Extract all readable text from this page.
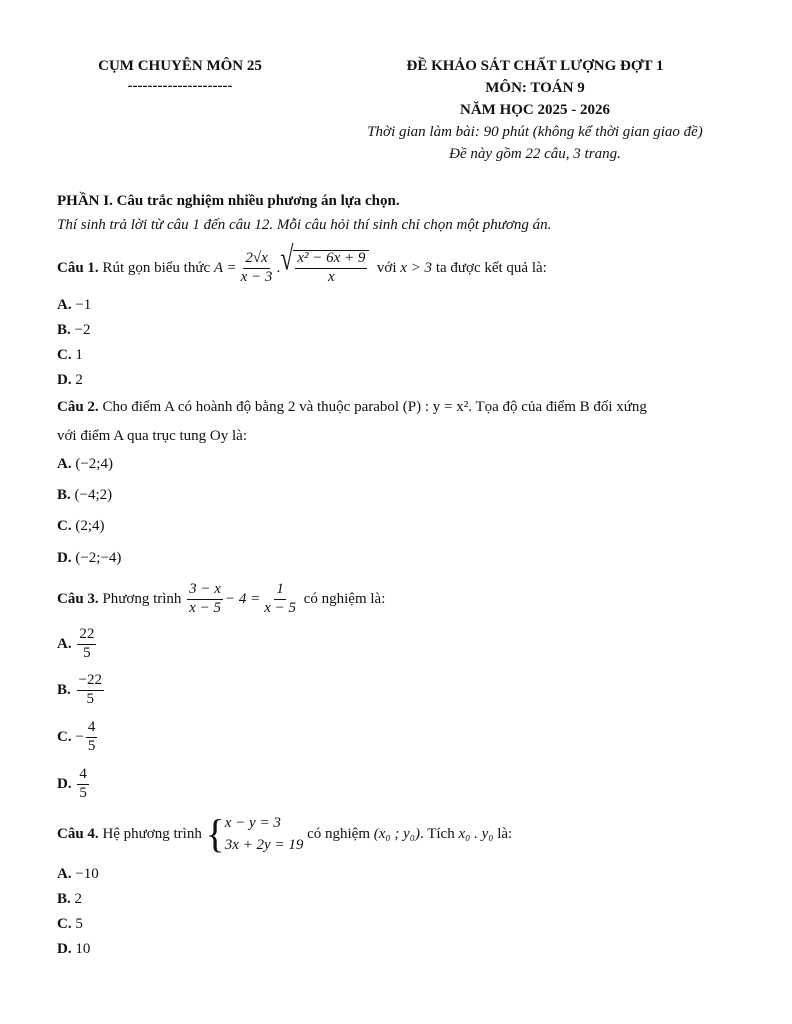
CỤM CHUYÊN MÔN 25
---------------------
ĐỀ KHẢO SÁT CHẤT LƯỢNG ĐỢT 1
MÔN: TOÁN 9
NĂM HỌC 2025 - 2026
Thời gian làm bài: 90 phút (không kể thời gian giao đề)
Đề này gồm 22 câu, 3 trang.
PHẦN I. Câu trắc nghiệm nhiều phương án lựa chọn.
Thí sinh trả lời từ câu 1 đến câu 12. Mỗi câu hỏi thí sinh chỉ chọn một phương án.
Câu 1.
Rút gọn biểu thức
$A = \frac{2√x}{x - 3}$ . √ $\frac{\text{x² − 6x + 9}}{x}$
với
x > 3
ta được kết quả là:
A. −1
B. −2
C. 1
D. 2
Câu 2. Cho điểm A có hoành độ bằng 2 và thuộc parabol (P) : y = x². Tọa độ của điểm B đối xứng
với điểm A qua trục tung Oy là:
A. (−2;4)
B. (−4;2)
C. (2;4)
D. (−2;−4)
Câu 3.
Phương trình
$\frac{3 - x}{x - 5} - 4 = \frac{1}{x - 5}$
có nghiệm là:
A.
$\frac{22}{5}$
B.
$\frac{-22}{5}$
C.
− $\frac{4}{5}$
D.
$\frac{4}{5}$
Câu 4.
Hệ phương trình
{ x − y = 3
3x + 2y = 19

có nghiệm
(x₀ ; y₀) . Tích
x₀ . y₀
là:
A. −10
B. 2
C. 5
D. 10
